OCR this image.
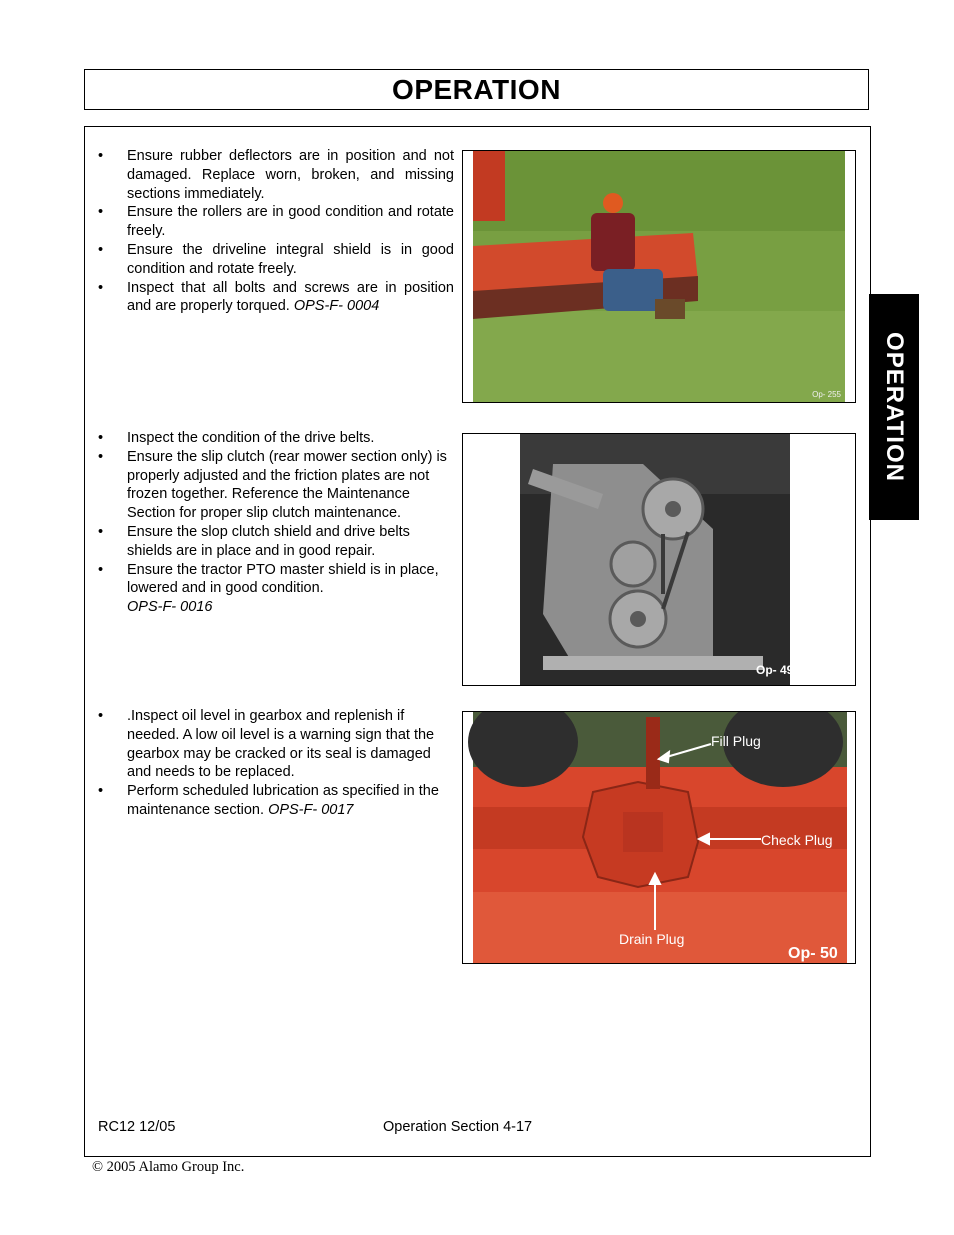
OPERATION
OPERATION
• Ensure rubber deflectors are in position and not damaged. Replace worn, broken, and missing sections immediately.
• Ensure the rollers are in good condition and rotate freely.
• Ensure the driveline integral shield is in good condition and rotate freely.
• Inspect that all bolts and screws are in position and are properly torqued. OPS-F- 0004
Op- 255
• Inspect the condition of the drive belts.
• Ensure the slip clutch (rear mower section only) is properly adjusted and the friction plates are not frozen together. Reference the Maintenance Section for proper slip clutch maintenance.
• Ensure the slop clutch shield and drive belts shields are in place and in good repair.
• Ensure the tractor PTO master shield is in place, lowered and in good condition.
OPS-F- 0016
Op- 49
• .Inspect oil level in gearbox and replenish if needed. A low oil level is a warning sign that the gearbox may be cracked or its seal is damaged and needs to be replaced.
• Perform scheduled lubrication as specified in the maintenance section. OPS-F- 0017
Fill Plug
Check Plug
Drain Plug
Op- 50
RC12 12/05	Operation Section 4-17
© 2005 Alamo Group Inc.
